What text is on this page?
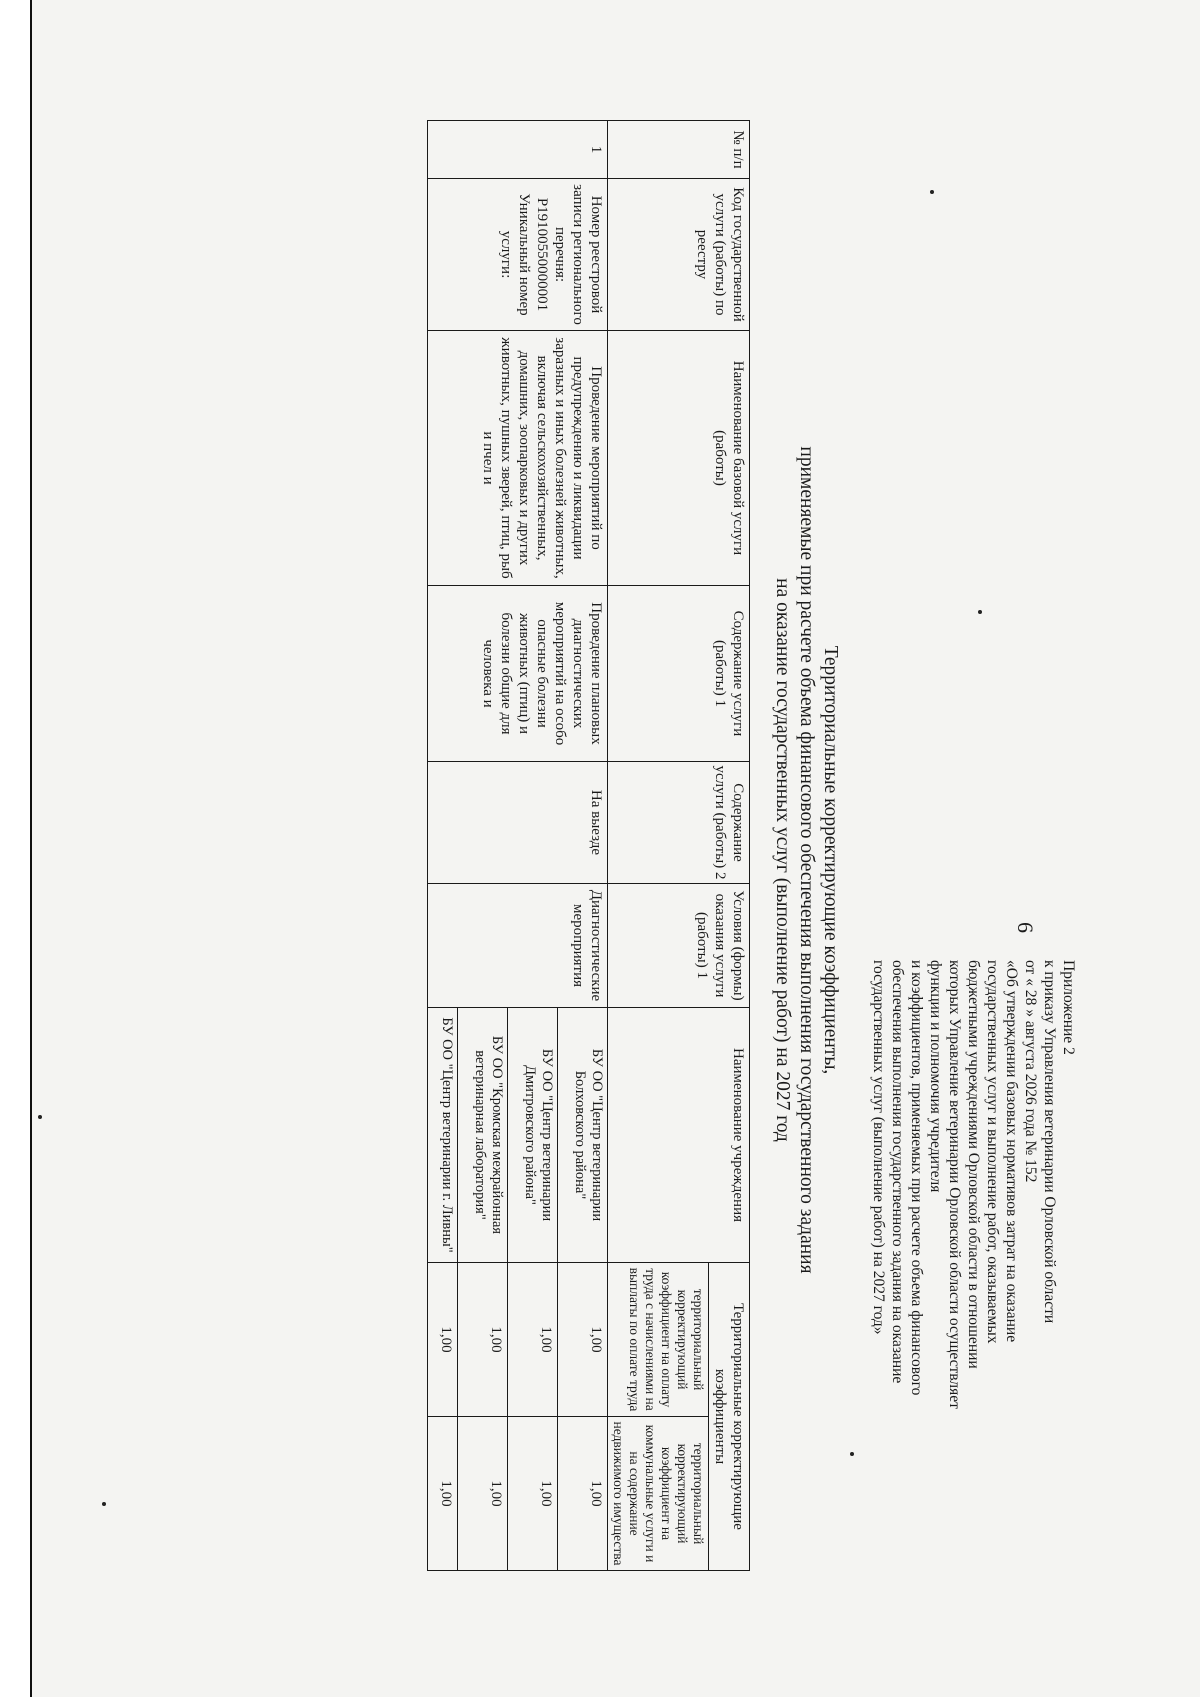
6
Приложение 2
к приказу Управления ветеринарии Орловской области
от « 28 » августа 2026 года № 152
«Об утверждении базовых нормативов затрат на оказание
государственных услуг и выполнение работ, оказываемых
бюджетными учреждениями Орловской области в отношении
которых Управление ветеринарии Орловской области осуществляет
функции и полномочия учредителя
и коэффициентов, применяемых при расчете объема финансового
обеспечения выполнения государственного задания на оказание
государственных услуг (выполнение работ) на 2027 год»
Территориальные корректирующие коэффициенты,
применяемые при расчете объема финансового обеспечения выполнения государственного задания
на оказание государственных услуг (выполнение работ) на 2027 год
№ п/п	Код государственной услуги (работы) по реестру	Наименование базовой услуги (работы)	Содержание услуги (работы) 1	Содержание услуги (работы) 2	Условия (формы) оказания услуги (работы) 1	Наименование учреждения	Территориальные корректирующие коэффициенты	
							территориальный корректирующий коэффициент на оплату труда с начислениями на выплаты по оплате труда	территориальный корректирующий коэффициент на коммунальные услуги и на содержание недвижимого имущества
1	Номер реестровой записи регионального перечня: Р19100550000001 Уникальный номер услуги:	Проведение мероприятий по предупреждению и ликвидации заразных и иных болезней животных, включая сельскохозяйственных, домашних, зоопарковых и других животных, пушных зверей, птиц, рыб и пчел и	Проведение плановых диагностических мероприятий на особо опасные болезни животных (птиц) и болезни общие для человека и	На выезде	Диагностические мероприятия	БУ ОО "Центр ветеринарии Болховского района"	1,00	1,00
						БУ ОО "Центр ветеринарии Дмитровского района"	1,00	1,00
						БУ ОО "Кромская межрайонная ветеринарная лаборатория"	1,00	1,00
						БУ ОО "Центр ветеринарии г. Ливны"	1,00	1,00
